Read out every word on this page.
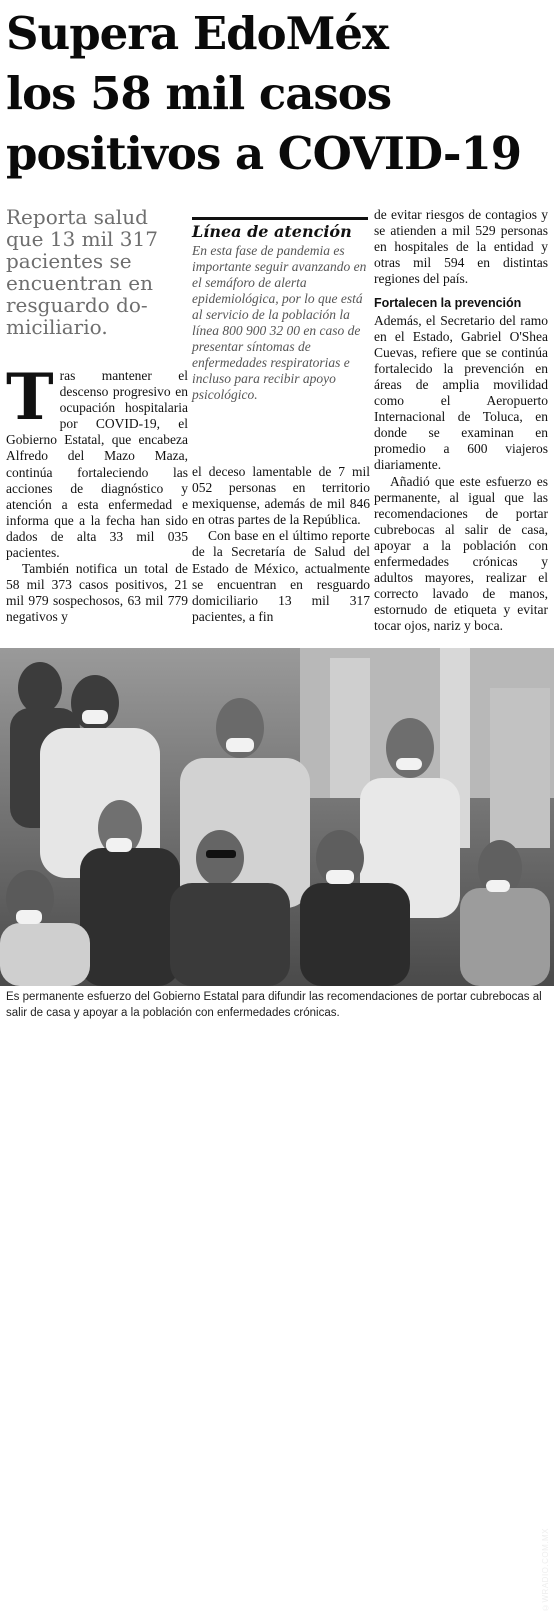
Supera EdoMéx
los 58 mil casos
positivos a COVID-19
Reporta salud que 13 mil 317 pacientes se encuentran en resguardo domiciliario.

Tras mantener el descenso progresivo en ocupación hospitalaria por COVID-19, el Gobierno Estatal, que encabeza Alfredo del Mazo Maza, continúa fortaleciendo las acciones de diagnóstico y atención a esta enfermedad e informa que a la fecha han sido dados de alta 33 mil 035 pacientes.

También notifica un total de 58 mil 373 casos positivos, 21 mil 979 sospechosos, 63 mil 779 negativos y

Línea de atención
En esta fase de pandemia es importante seguir avanzando en el semáforo de alerta epidemiológica, por lo que está al servicio de la población la línea 800 900 32 00 en caso de presentar síntomas de enfermedades respiratorias e incluso para recibir apoyo psicológico.

el deceso lamentable de 7 mil 052 personas en territorio mexiquense, además de mil 846 en otras partes de la República.

Con base en el último reporte de la Secretaría de Salud del Estado de México, actualmente se encuentran en resguardo domiciliario 13 mil 317 pacientes, a fin

de evitar riesgos de contagios y se atienden a mil 529 personas en hospitales de la entidad y otras mil 594 en distintas regiones del país.

Fortalecen la prevención

Además, el Secretario del ramo en el Estado, Gabriel O'Shea Cuevas, refiere que se continúa fortalecido la prevención en áreas de amplia movilidad como el Aeropuerto Internacional de Toluca, en donde se examinan en promedio a 600 viajeros diariamente.

Añadió que este esfuerzo es permanente, al igual que las recomendaciones de portar cubrebocas al salir de casa, apoyar a la población con enfermedades crónicas y adultos mayores, realizar el correcto lavado de manos, estornudo de etiqueta y evitar tocar ojos, nariz y boca.

©WRADIO.COM.MX
Es permanente esfuerzo del Gobierno Estatal para difundir las recomendaciones de portar cubrebocas al salir de casa y apoyar a la población con enfermedades crónicas.
